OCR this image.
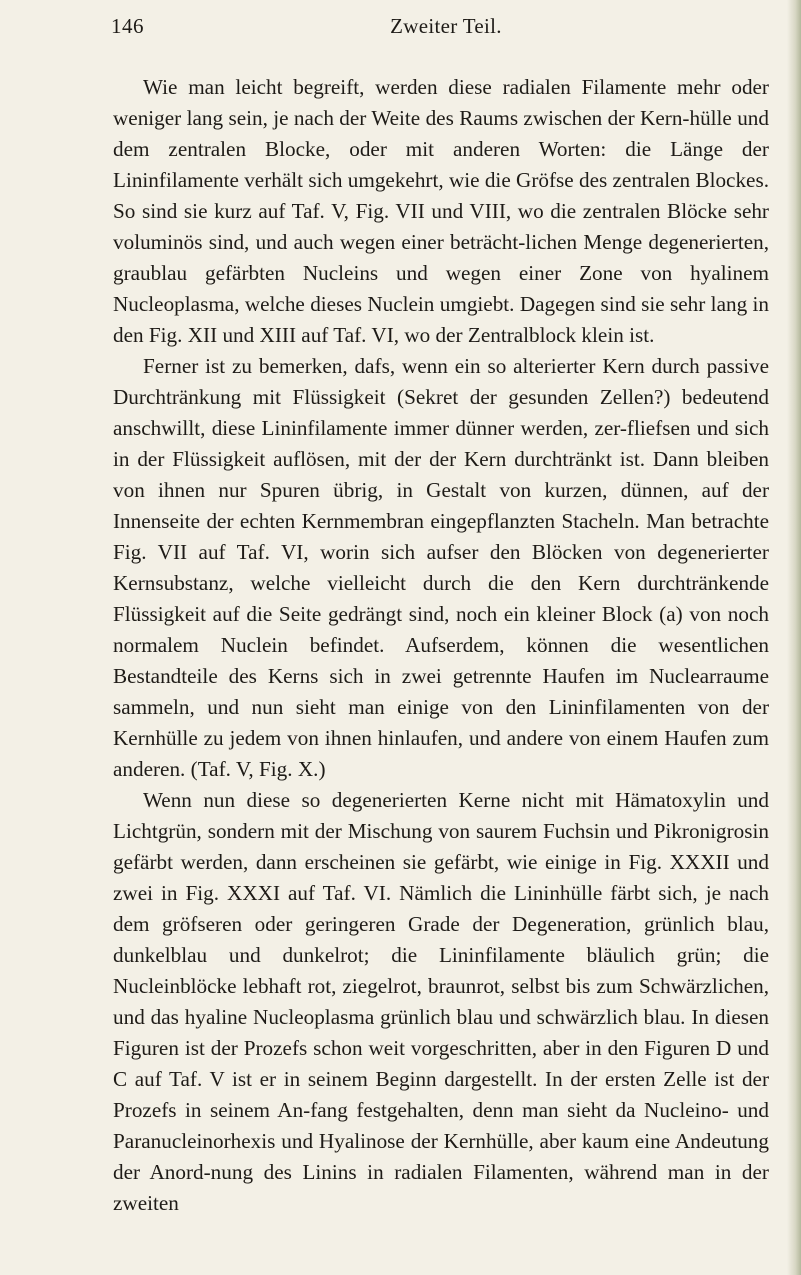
146	Zweiter Teil.

Wie man leicht begreift, werden diese radialen Filamente mehr oder weniger lang sein, je nach der Weite des Raums zwischen der Kern-hülle und dem zentralen Blocke, oder mit anderen Worten: die Länge der Lininfilamente verhält sich umgekehrt, wie die Gröfse des zentralen Blockes. So sind sie kurz auf Taf. V, Fig. VII und VIII, wo die zentralen Blöcke sehr voluminös sind, und auch wegen einer beträcht-lichen Menge degenerierten, graublau gefärbten Nucleins und wegen einer Zone von hyalinem Nucleoplasma, welche dieses Nuclein umgiebt. Dagegen sind sie sehr lang in den Fig. XII und XIII auf Taf. VI, wo der Zentralblock klein ist.

Ferner ist zu bemerken, dafs, wenn ein so alterierter Kern durch passive Durchtränkung mit Flüssigkeit (Sekret der gesunden Zellen?) bedeutend anschwillt, diese Lininfilamente immer dünner werden, zer-fliefsen und sich in der Flüssigkeit auflösen, mit der der Kern durchtränkt ist. Dann bleiben von ihnen nur Spuren übrig, in Gestalt von kurzen, dünnen, auf der Innenseite der echten Kernmembran eingepflanzten Stacheln. Man betrachte Fig. VII auf Taf. VI, worin sich aufser den Blöcken von degenerierter Kernsubstanz, welche vielleicht durch die den Kern durchtränkende Flüssigkeit auf die Seite gedrängt sind, noch ein kleiner Block (a) von noch normalem Nuclein befindet. Aufserdem, können die wesentlichen Bestandteile des Kerns sich in zwei getrennte Haufen im Nuclearraume sammeln, und nun sieht man einige von den Lininfilamenten von der Kernhülle zu jedem von ihnen hinlaufen, und andere von einem Haufen zum anderen. (Taf. V, Fig. X.)

Wenn nun diese so degenerierten Kerne nicht mit Hämatoxylin und Lichtgrün, sondern mit der Mischung von saurem Fuchsin und Pikronigrosin gefärbt werden, dann erscheinen sie gefärbt, wie einige in Fig. XXXII und zwei in Fig. XXXI auf Taf. VI. Nämlich die Lininhülle färbt sich, je nach dem gröfseren oder geringeren Grade der Degeneration, grünlich blau, dunkelblau und dunkelrot; die Lininfilamente bläulich grün; die Nucleinblöcke lebhaft rot, ziegelrot, braunrot, selbst bis zum Schwärzlichen, und das hyaline Nucleoplasma grünlich blau und schwärzlich blau. In diesen Figuren ist der Prozefs schon weit vorgeschritten, aber in den Figuren D und C auf Taf. V ist er in seinem Beginn dargestellt. In der ersten Zelle ist der Prozefs in seinem An-fang festgehalten, denn man sieht da Nucleino- und Paranucleinorhexis und Hyalinose der Kernhülle, aber kaum eine Andeutung der Anord-nung des Linins in radialen Filamenten, während man in der zweiten
